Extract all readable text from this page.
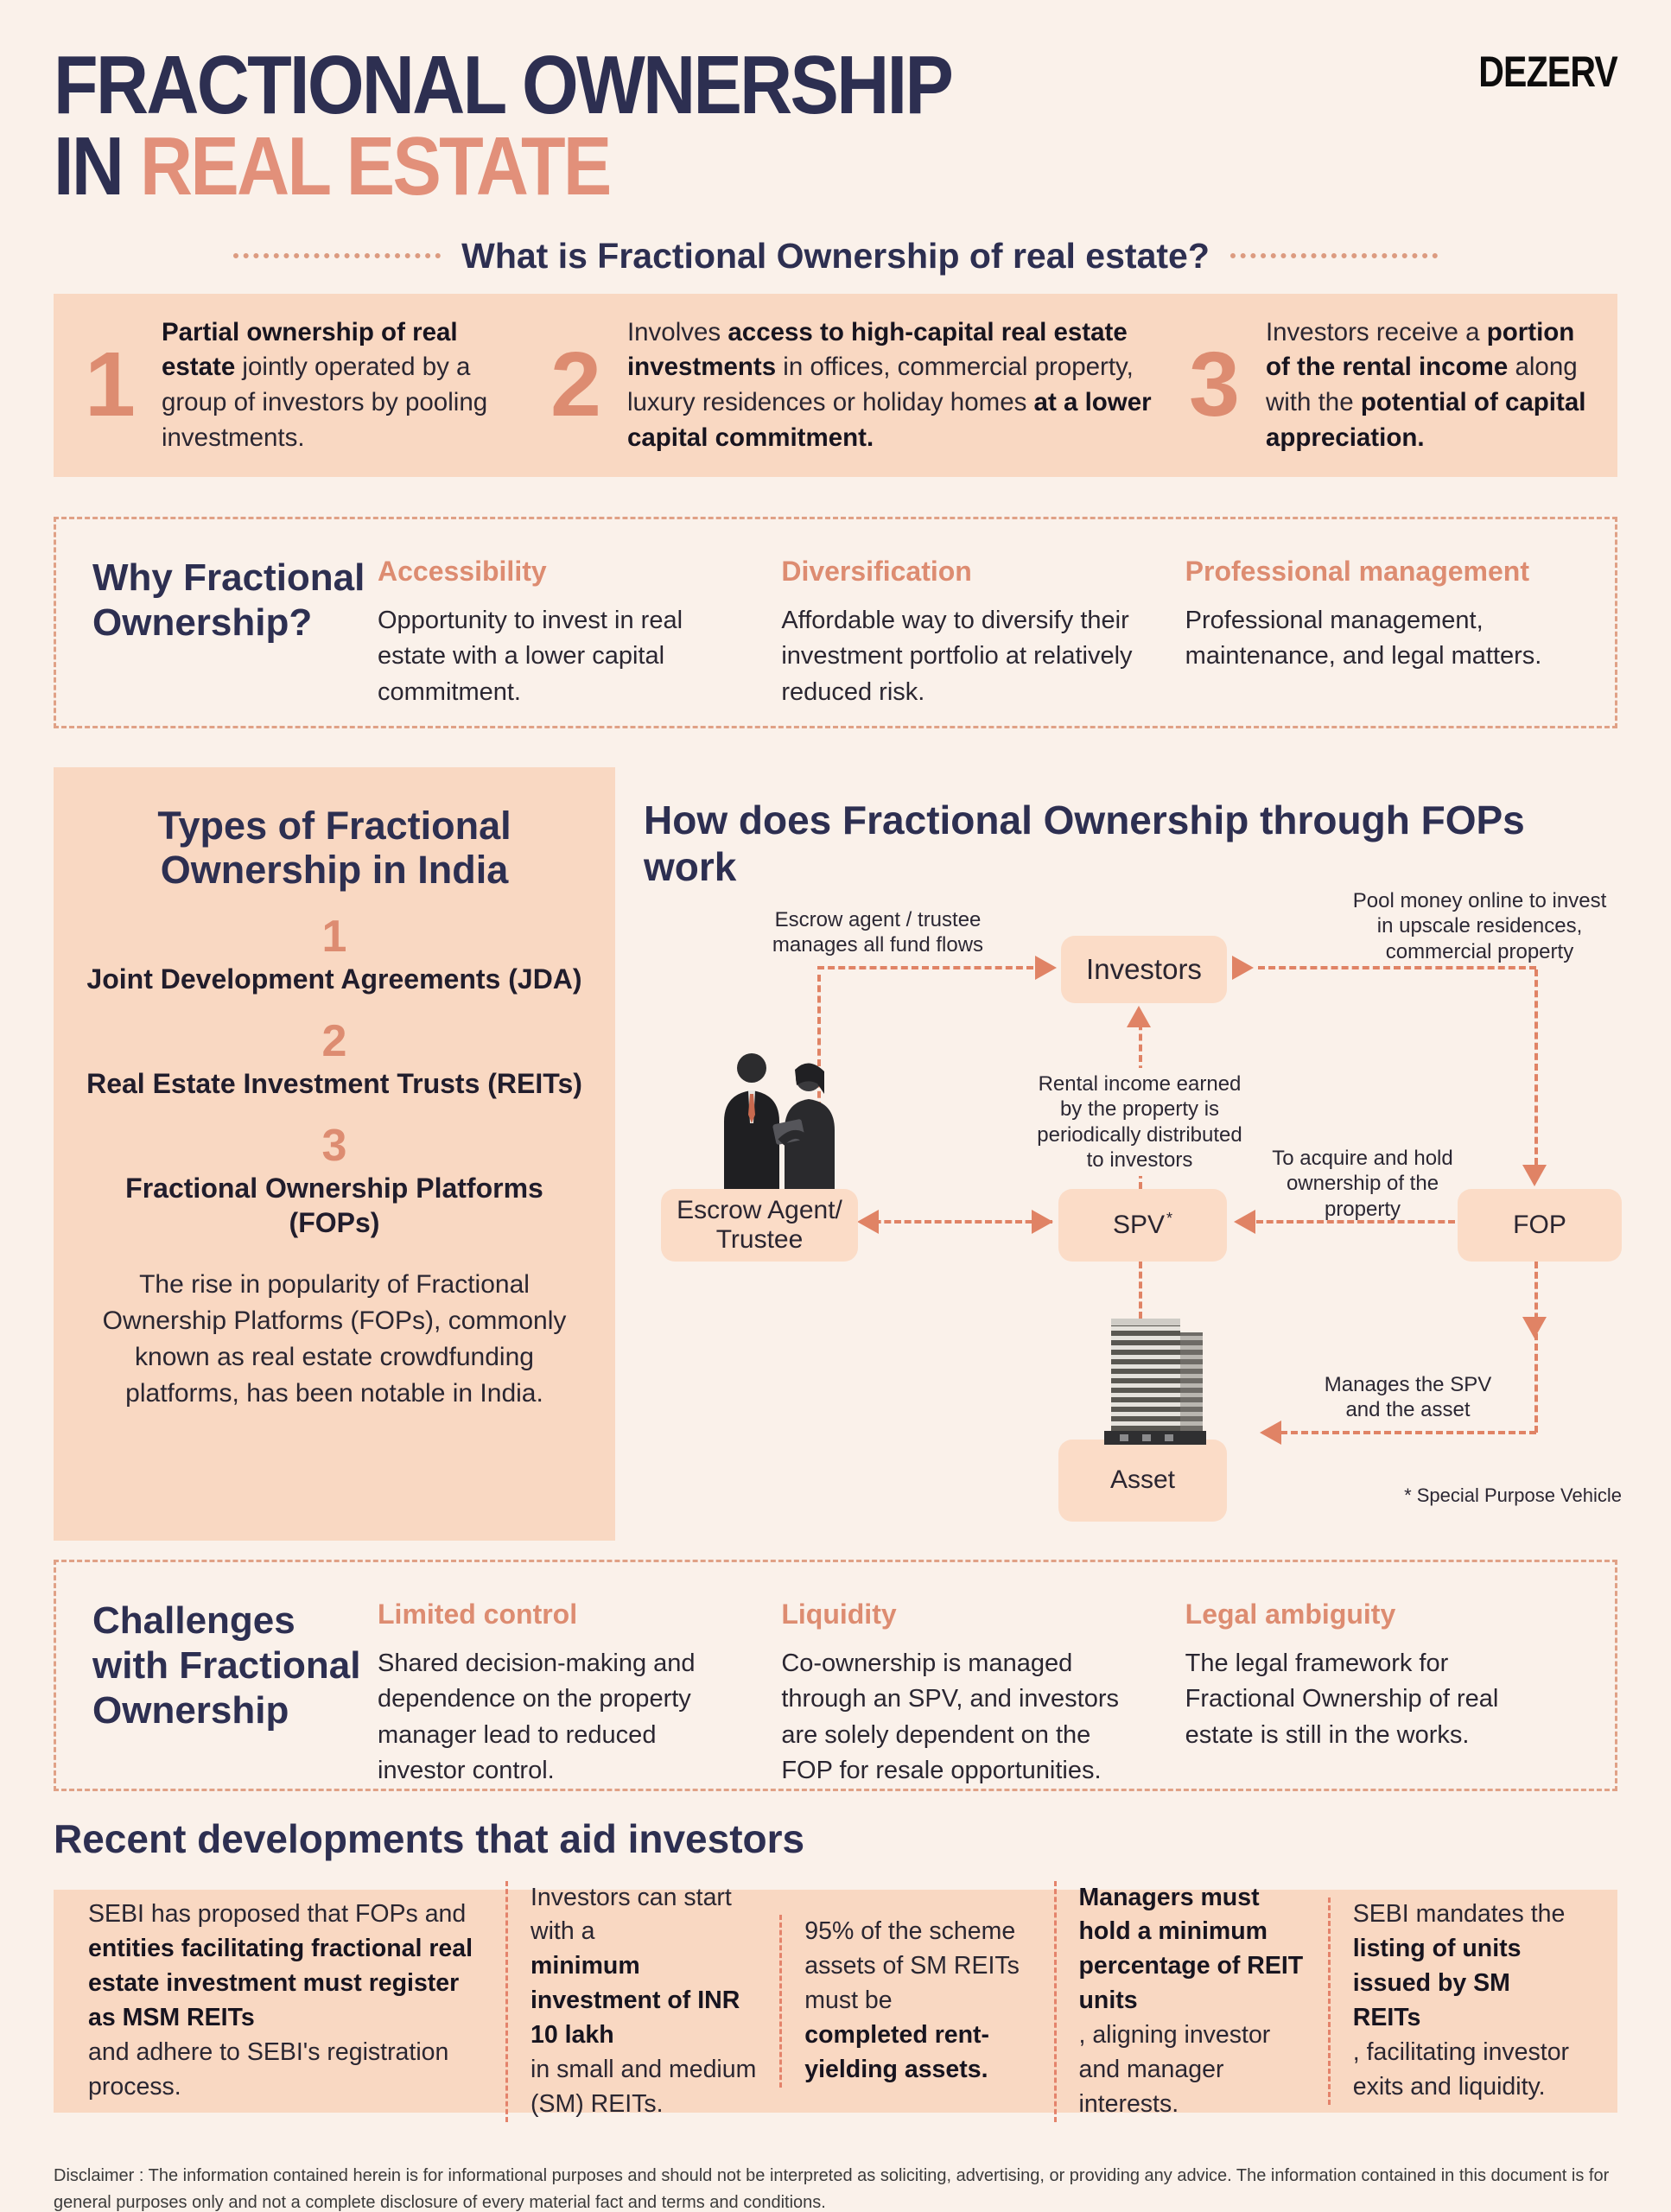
DEZERV
FRACTIONAL OWNERSHIP
IN REAL ESTATE
What is Fractional Ownership of real estate?
1

Partial ownership of real estate jointly operated by a group of investors by pooling investments.

2

Involves access to high-capital real estate investments in offices, commercial property, luxury residences or holiday homes at a lower capital commitment.

3

Investors receive a portion of the rental income along with the potential of capital appreciation.

Why Fractional Ownership?
Accessibility

Opportunity to invest in real estate with a lower capital commitment.

Diversification

Affordable way to diversify their investment portfolio at relatively reduced risk.

Professional management

Professional management, maintenance, and legal matters.

Types of Fractional Ownership in India
1
Joint Development Agreements (JDA)
2
Real Estate Investment Trusts (REITs)
3
Fractional Ownership Platforms (FOPs)

The rise in popularity of Fractional Ownership Platforms (FOPs), commonly known as real estate crowdfunding platforms, has been notable in India.

How does Fractional Ownership through FOPs work
Investors
Escrow Agent/ Trustee
SPV*	FOP
Asset
Escrow agent / trustee manages all fund flows
Pool money online to invest in upscale residences, commercial property
Rental income earned by the property is periodically distributed to investors	To acquire and hold ownership of the property
Manages the SPV and the asset
* Special Purpose Vehicle
Challenges with Fractional Ownership
Limited control

Shared decision-making and dependence on the property manager lead to reduced investor control.

Liquidity

Co-ownership is managed through an SPV, and investors are solely dependent on the FOP for resale opportunities.

Legal ambiguity

The legal framework for Fractional Ownership of real estate is still in the works.

Recent developments that aid investors

SEBI has proposed that FOPs and
entities facilitating fractional real estate investment must register as MSM REITs
and adhere to SEBI's registration process.

Investors can start with a
minimum investment of INR 10 lakh
in small and medium (SM) REITs.

95% of the scheme assets of SM REITs must be
completed rent-yielding assets.

Managers must hold a minimum percentage of REIT units
, aligning investor and manager interests.

SEBI mandates the
listing of units issued by SM REITs
, facilitating investor exits and liquidity.

Disclaimer : The information contained herein is for informational purposes and should not be interpreted as soliciting, advertising, or providing any advice. The information contained in this document is for general purposes only and not a complete disclosure of every material fact and terms and conditions.
